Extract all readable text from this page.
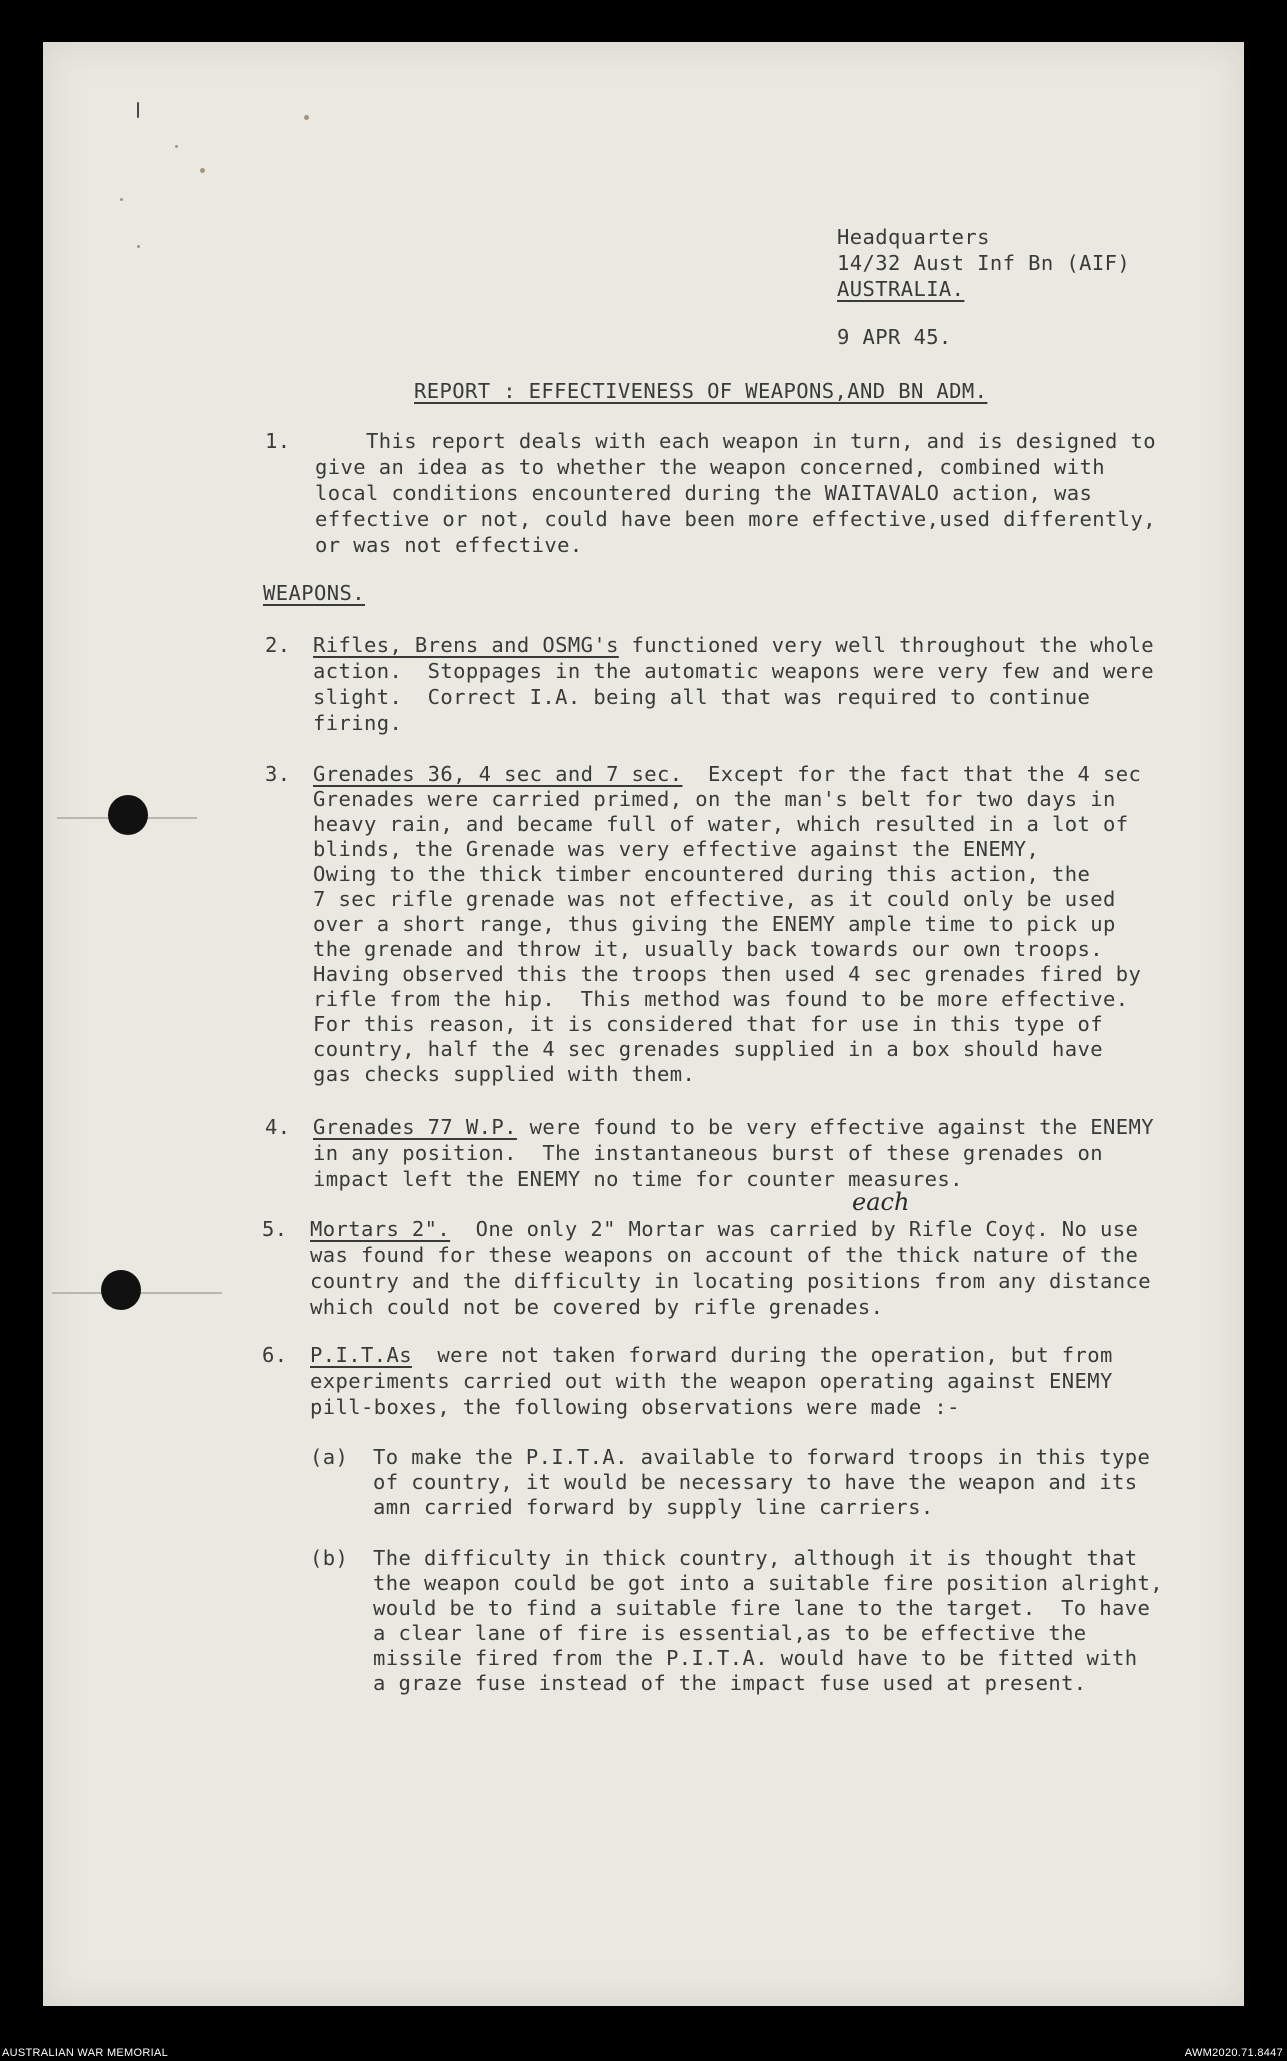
Headquarters
14/32 Aust Inf Bn (AIF)
AUSTRALIA.
9 APR 45.
REPORT : EFFECTIVENESS OF WEAPONS,AND BN ADM.
1. This report deals with each weapon in turn, and is designed to
give an idea as to whether the weapon concerned, combined with
local conditions encountered during the WAITAVALO action, was
effective or not, could have been more effective,used differently,
or was not effective.
WEAPONS.
2. Rifles, Brens and OSMG's functioned very well throughout the whole
action.  Stoppages in the automatic weapons were very few and were
slight.  Correct I.A. being all that was required to continue
firing.
3. Grenades 36, 4 sec and 7 sec.  Except for the fact that the 4 sec
Grenades were carried primed, on the man's belt for two days in
heavy rain, and became full of water, which resulted in a lot of
blinds, the Grenade was very effective against the ENEMY,
Owing to the thick timber encountered during this action, the
7 sec rifle grenade was not effective, as it could only be used
over a short range, thus giving the ENEMY ample time to pick up
the grenade and throw it, usually back towards our own troops.
Having observed this the troops then used 4 sec grenades fired by
rifle from the hip.  This method was found to be more effective.
For this reason, it is considered that for use in this type of
country, half the 4 sec grenades supplied in a box should have
gas checks supplied with them.
4. Grenades 77 W.P. were found to be very effective against the ENEMY
in any position.  The instantaneous burst of these grenades on
impact left the ENEMY no time for counter measures.
each
5. Mortars 2".  One only 2" Mortar was carried by Rifle Coy¢. No use
was found for these weapons on account of the thick nature of the
country and the difficulty in locating positions from any distance
which could not be covered by rifle grenades.
6. P.I.T.As  were not taken forward during the operation, but from
experiments carried out with the weapon operating against ENEMY
pill-boxes, the following observations were made :-
(a) To make the P.I.T.A. available to forward troops in this type
of country, it would be necessary to have the weapon and its
amn carried forward by supply line carriers.
(b) The difficulty in thick country, although it is thought that
the weapon could be got into a suitable fire position alright,
would be to find a suitable fire lane to the target.  To have
a clear lane of fire is essential,as to be effective the
missile fired from the P.I.T.A. would have to be fitted with
a graze fuse instead of the impact fuse used at present.
AUSTRALIAN WAR MEMORIAL	AWM2020.71.8447
